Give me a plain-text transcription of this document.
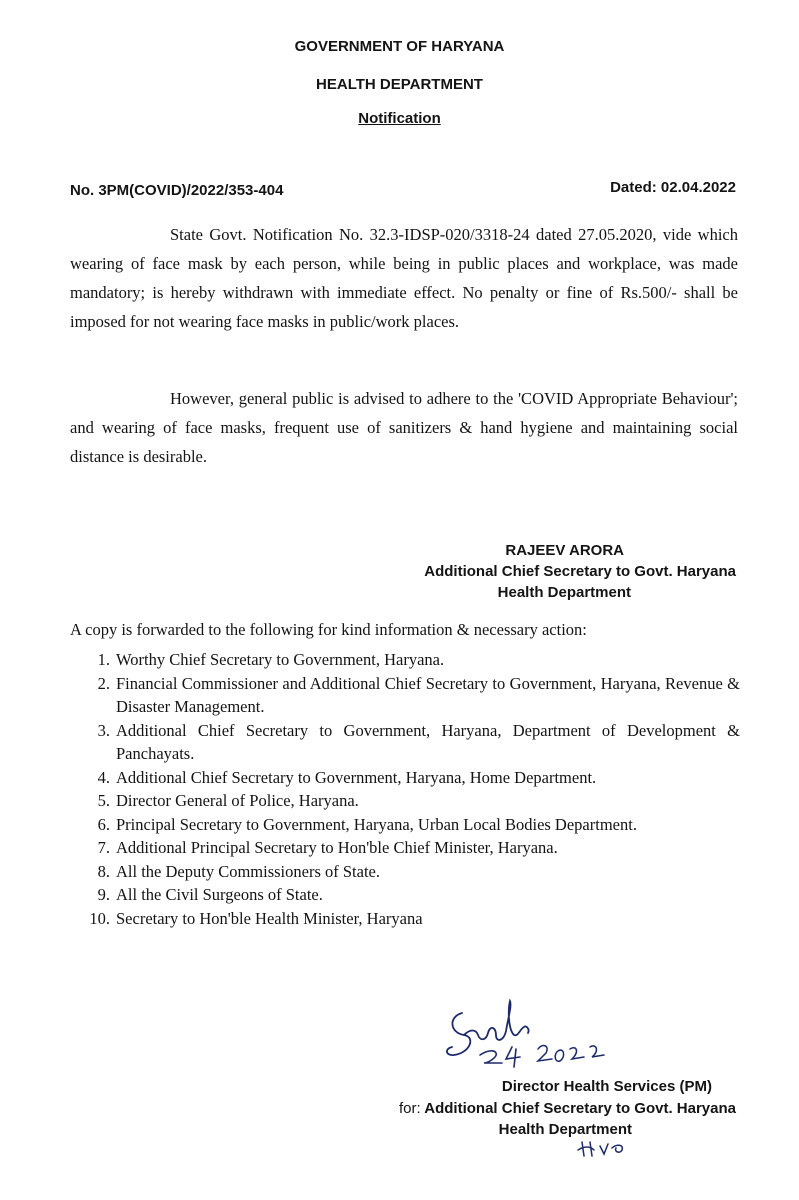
GOVERNMENT OF HARYANA
HEALTH DEPARTMENT
Notification
No. 3PM(COVID)/2022/353-404	Dated: 02.04.2022
State Govt. Notification No. 32.3-IDSP-020/3318-24 dated 27.05.2020, vide which wearing of face mask by each person, while being in public places and workplace, was made mandatory; is hereby withdrawn with immediate effect. No penalty or fine of Rs.500/- shall be imposed for not wearing face masks in public/work places.
However, general public is advised to adhere to the 'COVID Appropriate Behaviour'; and wearing of face masks, frequent use of sanitizers & hand hygiene and maintaining social distance is desirable.
RAJEEV ARORA
Additional Chief Secretary to Govt. Haryana
Health Department
A copy is forwarded to the following for kind information & necessary action:
1. Worthy Chief Secretary to Government, Haryana.
2. Financial Commissioner and Additional Chief Secretary to Government, Haryana, Revenue & Disaster Management.
3. Additional Chief Secretary to Government, Haryana, Department of Development & Panchayats.
4. Additional Chief Secretary to Government, Haryana, Home Department.
5. Director General of Police, Haryana.
6. Principal Secretary to Government, Haryana, Urban Local Bodies Department.
7. Additional Principal Secretary to Hon'ble Chief Minister, Haryana.
8. All the Deputy Commissioners of State.
9. All the Civil Surgeons of State.
10. Secretary to Hon'ble Health Minister, Haryana
Director Health Services (PM)
for: Additional Chief Secretary to Govt. Haryana
Health Department
